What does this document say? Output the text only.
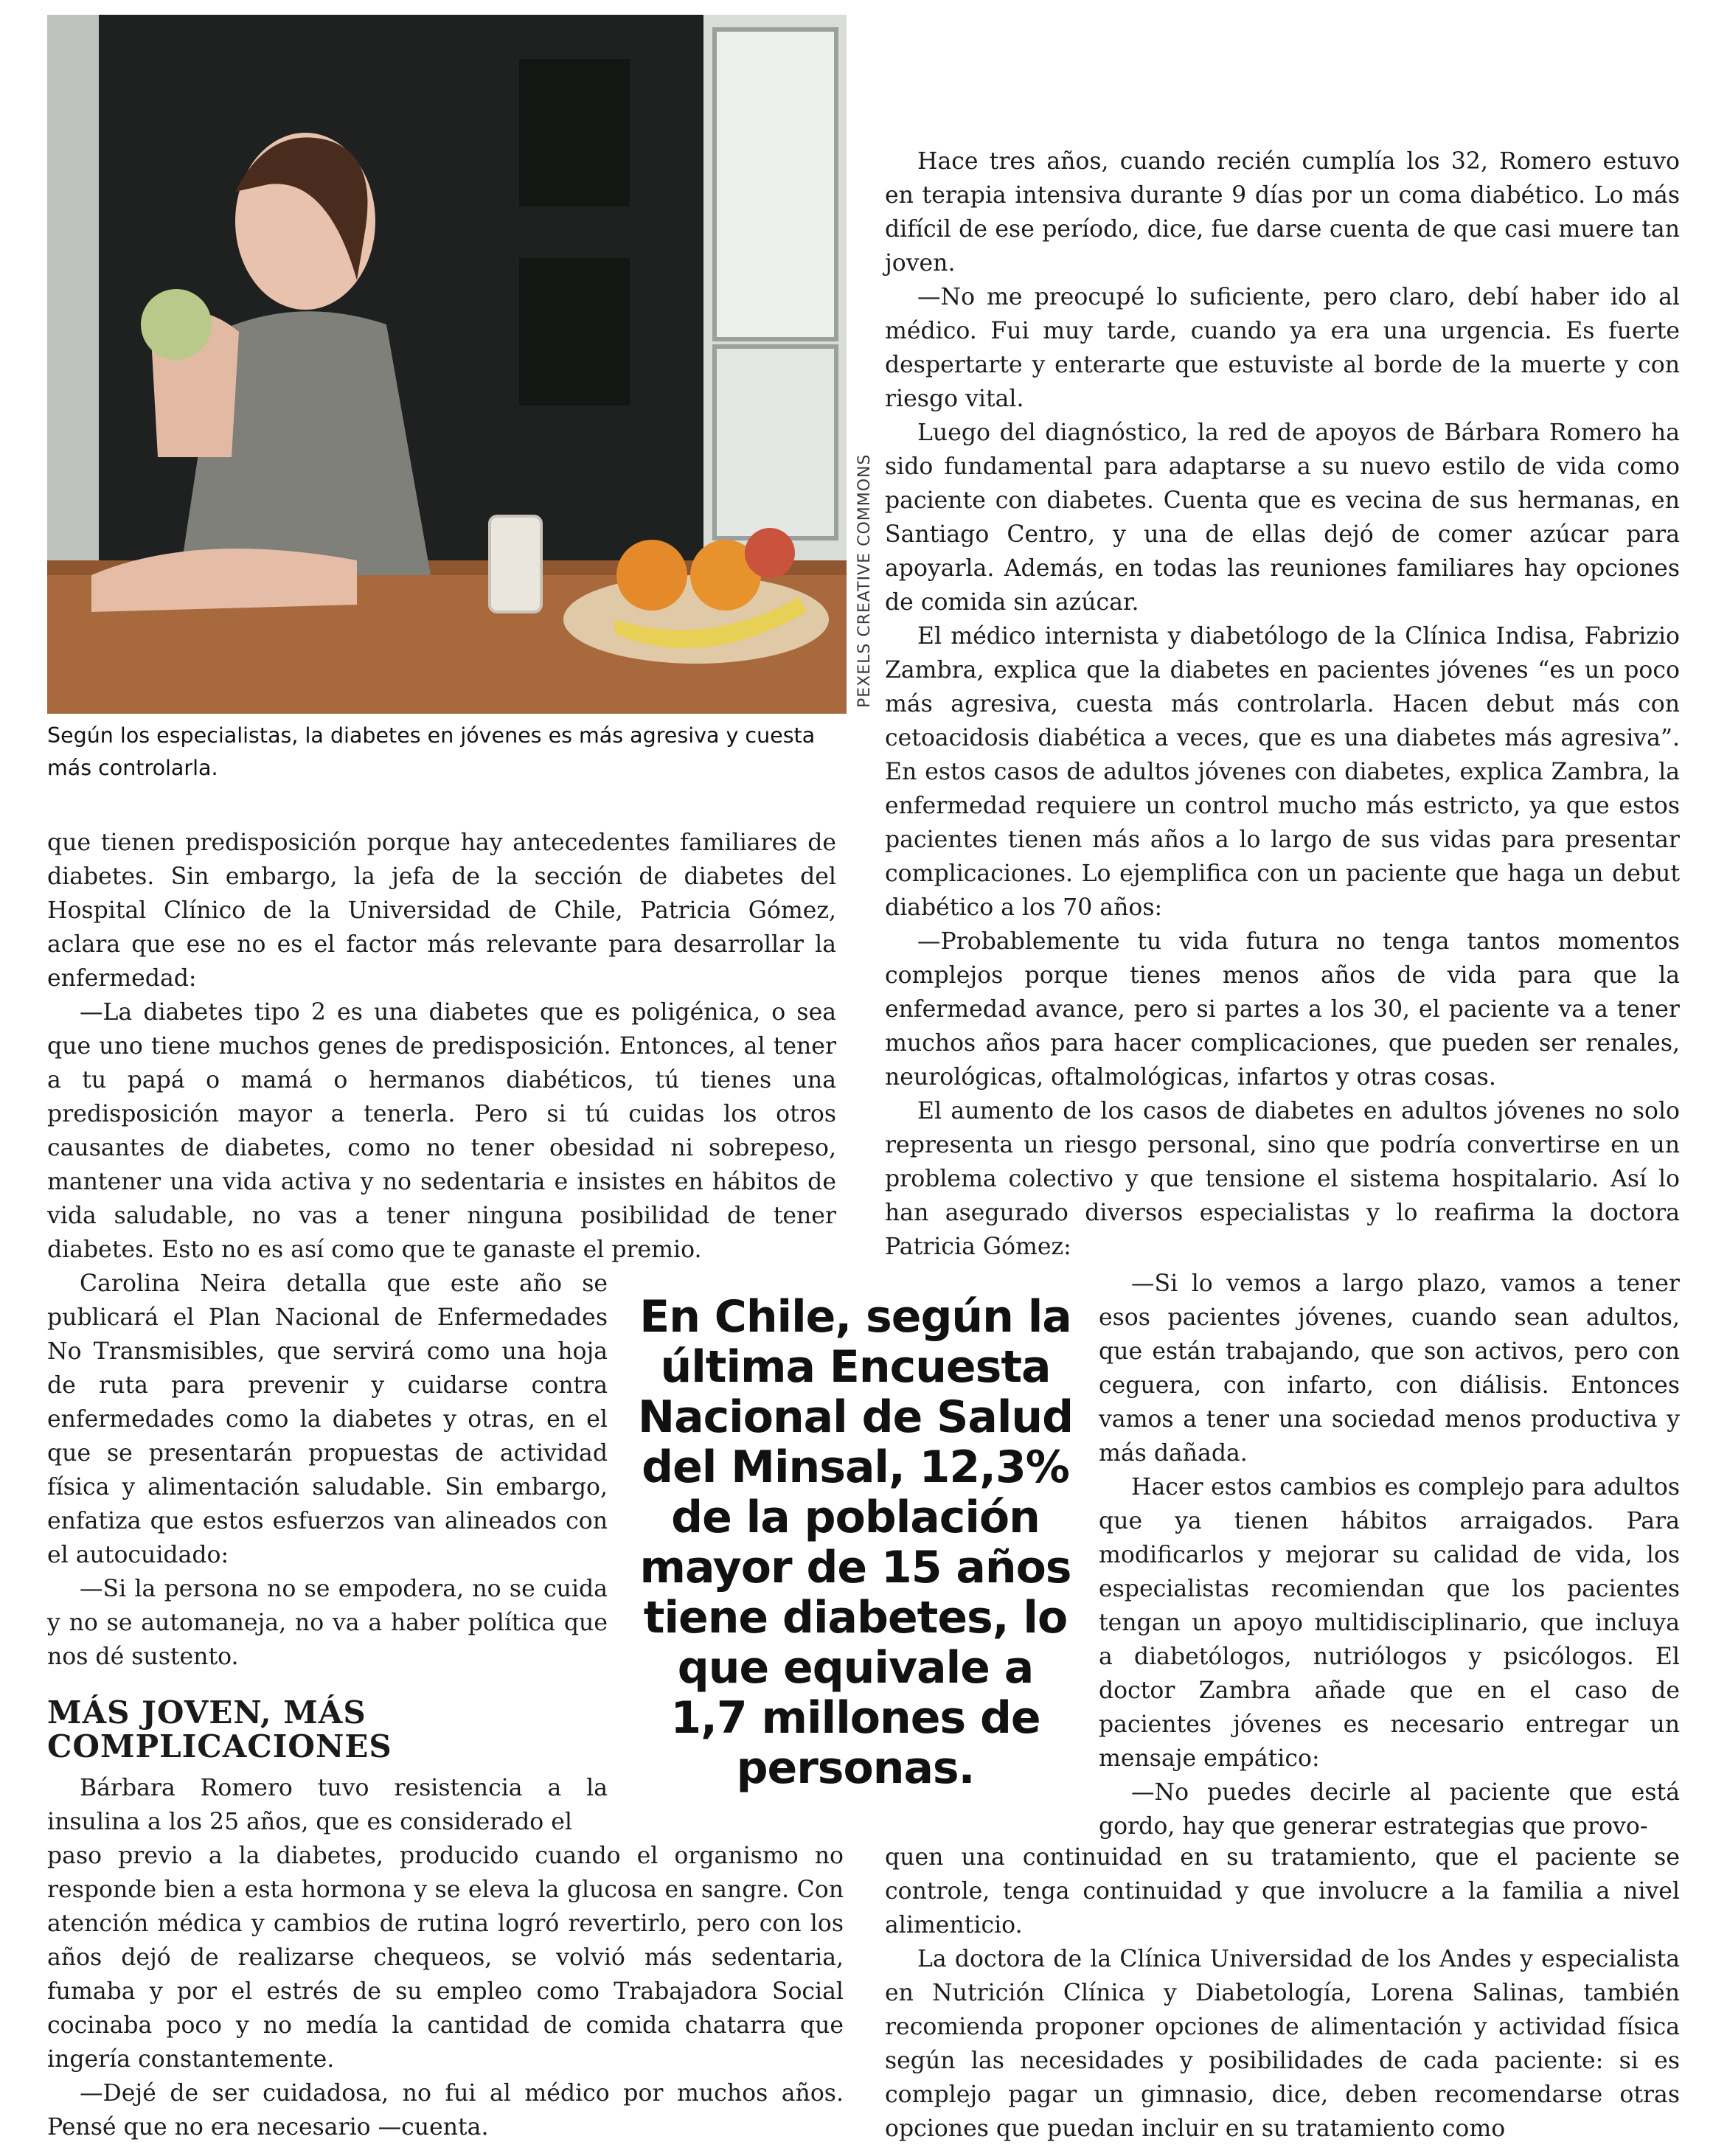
PEXELS CREATIVE COMMONS
Según los especialistas, la diabetes en jóvenes es más agresiva y cuesta más controlarla.

que tienen predisposición porque hay antecedentes familiares de diabetes. Sin embargo, la jefa de la sección de diabetes del Hospital Clínico de la Universidad de Chile, Patricia Gómez, aclara que ese no es el factor más relevante para desarrollar la enfermedad:

—La diabetes tipo 2 es una diabetes que es poligénica, o sea que uno tiene muchos genes de predisposición. Entonces, al tener a tu papá o mamá o hermanos diabéticos, tú tienes una predisposición mayor a tenerla. Pero si tú cuidas los otros causantes de diabetes, como no tener obesidad ni sobrepeso, mantener una vida activa y no sedentaria e insistes en hábitos de vida saludable, no vas a tener ninguna posibilidad de tener diabetes. Esto no es así como que te ganaste el premio.

Carolina Neira detalla que este año se publicará el Plan Nacional de Enfermedades No Transmisibles, que servirá como una hoja de ruta para prevenir y cuidarse contra enfermedades como la diabetes y otras, en el que se presentarán propuestas de actividad física y alimentación saludable. Sin embargo, enfatiza que estos esfuerzos van alineados con el autocuidado:

—Si la persona no se empodera, no se cuida y no se automaneja, no va a haber política que nos dé sustento.

MÁS JOVEN, MÁS COMPLICACIONES

Bárbara Romero tuvo resistencia a la insulina a los 25 años, que es considerado el

paso previo a la diabetes, producido cuando el organismo no responde bien a esta hormona y se eleva la glucosa en sangre. Con atención médica y cambios de rutina logró revertirlo, pero con los años dejó de realizarse chequeos, se volvió más sedentaria, fumaba y por el estrés de su empleo como Trabajadora Social cocinaba poco y no medía la cantidad de comida chatarra que ingería constantemente.

—Dejé de ser cuidadosa, no fui al médico por muchos años. Pensé que no era necesario —cuenta.

En Chile, según la última Encuesta Nacional de Salud del Minsal, 12,3% de la población mayor de 15 años tiene diabetes, lo que equivale a 1,7 millones de personas.

Hace tres años, cuando recién cumplía los 32, Romero estuvo en terapia intensiva durante 9 días por un coma diabético. Lo más difícil de ese período, dice, fue darse cuenta de que casi muere tan joven.

—No me preocupé lo suficiente, pero claro, debí haber ido al médico. Fui muy tarde, cuando ya era una urgencia. Es fuerte despertarte y enterarte que estuviste al borde de la muerte y con riesgo vital.

Luego del diagnóstico, la red de apoyos de Bárbara Romero ha sido fundamental para adaptarse a su nuevo estilo de vida como paciente con diabetes. Cuenta que es vecina de sus hermanas, en Santiago Centro, y una de ellas dejó de comer azúcar para apoyarla. Además, en todas las reuniones familiares hay opciones de comida sin azúcar.

El médico internista y diabetólogo de la Clínica Indisa, Fabrizio Zambra, explica que la diabetes en pacientes jóvenes “es un poco más agresiva, cuesta más controlarla. Hacen debut más con cetoacidosis diabética a veces, que es una diabetes más agresiva”. En estos casos de adultos jóvenes con diabetes, explica Zambra, la enfermedad requiere un control mucho más estricto, ya que estos pacientes tienen más años a lo largo de sus vidas para presentar complicaciones. Lo ejemplifica con un paciente que haga un debut diabético a los 70 años:

—Probablemente tu vida futura no tenga tantos momentos complejos porque tienes menos años de vida para que la enfermedad avance, pero si partes a los 30, el paciente va a tener muchos años para hacer complicaciones, que pueden ser renales, neurológicas, oftalmológicas, infartos y otras cosas.

El aumento de los casos de diabetes en adultos jóvenes no solo representa un riesgo personal, sino que podría convertirse en un problema colectivo y que tensione el sistema hospitalario. Así lo han asegurado diversos especialistas y lo reafirma la doctora Patricia Gómez:

—Si lo vemos a largo plazo, vamos a tener esos pacientes jóvenes, cuando sean adultos, que están trabajando, que son activos, pero con ceguera, con infarto, con diálisis. Entonces vamos a tener una sociedad menos productiva y más dañada.

Hacer estos cambios es complejo para adultos que ya tienen hábitos arraigados. Para modificarlos y mejorar su calidad de vida, los especialistas recomiendan que los pacientes tengan un apoyo multidisciplinario, que incluya a diabetólogos, nutriólogos y psicólogos. El doctor Zambra añade que en el caso de pacientes jóvenes es necesario entregar un mensaje empático:

—No puedes decirle al paciente que está gordo, hay que generar estrategias que provo-

quen una continuidad en su tratamiento, que el paciente se controle, tenga continuidad y que involucre a la familia a nivel alimenticio.

La doctora de la Clínica Universidad de los Andes y especialista en Nutrición Clínica y Diabetología, Lorena Salinas, también recomienda proponer opciones de alimentación y actividad física según las necesidades y posibilidades de cada paciente: si es complejo pagar un gimnasio, dice, deben recomendarse otras opciones que puedan incluir en su tratamiento como
